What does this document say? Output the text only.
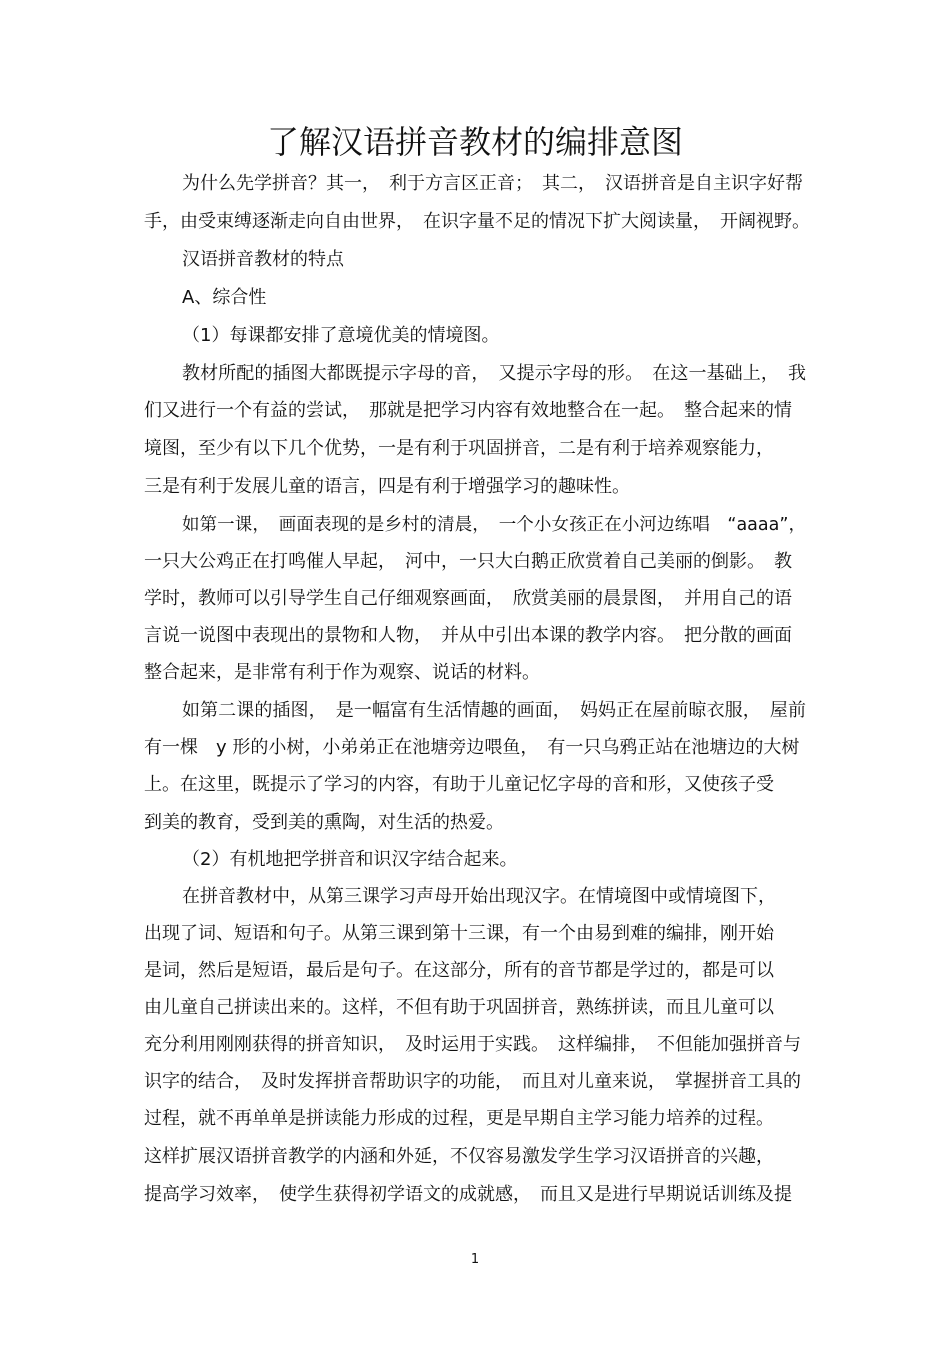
了解汉语拼音教材的编排意图
为什么先学拼音？其一，　利于方言区正音；　其二，　汉语拼音是自主识字好帮
手，由受束缚逐渐走向自由世界，　在识字量不足的情况下扩大阅读量，　开阔视野。
汉语拼音教材的特点
A、综合性
（1）每课都安排了意境优美的情境图。
教材所配的插图大都既提示字母的音，　又提示字母的形。　在这一基础上，　我
们又进行一个有益的尝试，　那就是把学习内容有效地整合在一起。　整合起来的情
境图，至少有以下几个优势，一是有利于巩固拼音，二是有利于培养观察能力，
三是有利于发展儿童的语言，四是有利于增强学习的趣味性。
如第一课，　画面表现的是乡村的清晨，　一个小女孩正在小河边练唱　“aaaa”，
一只大公鸡正在打鸣催人早起，　河中，一只大白鹅正欣赏着自己美丽的倒影。　教
学时，教师可以引导学生自己仔细观察画面，　欣赏美丽的晨景图，　并用自己的语
言说一说图中表现出的景物和人物，　并从中引出本课的教学内容。　把分散的画面
整合起来，是非常有利于作为观察、说话的材料。
如第二课的插图，　是一幅富有生活情趣的画面，　妈妈正在屋前晾衣服，　屋前
有一棵　y 形的小树，小弟弟正在池塘旁边喂鱼，　有一只乌鸦正站在池塘边的大树
上。在这里，既提示了学习的内容，有助于儿童记忆字母的音和形，又使孩子受
到美的教育，受到美的熏陶，对生活的热爱。
（2）有机地把学拼音和识汉字结合起来。
在拼音教材中，从第三课学习声母开始出现汉字。在情境图中或情境图下，
出现了词、短语和句子。从第三课到第十三课，有一个由易到难的编排，刚开始
是词，然后是短语，最后是句子。在这部分，所有的音节都是学过的，都是可以
由儿童自己拼读出来的。这样，不但有助于巩固拼音，熟练拼读，而且儿童可以
充分利用刚刚获得的拼音知识，　及时运用于实践。　这样编排，　不但能加强拼音与
识字的结合，　及时发挥拼音帮助识字的功能，　而且对儿童来说，　掌握拼音工具的
过程，就不再单单是拼读能力形成的过程，更是早期自主学习能力培养的过程。
这样扩展汉语拼音教学的内涵和外延，不仅容易激发学生学习汉语拼音的兴趣，
提高学习效率，　使学生获得初学语文的成就感，　而且又是进行早期说话训练及提
1
